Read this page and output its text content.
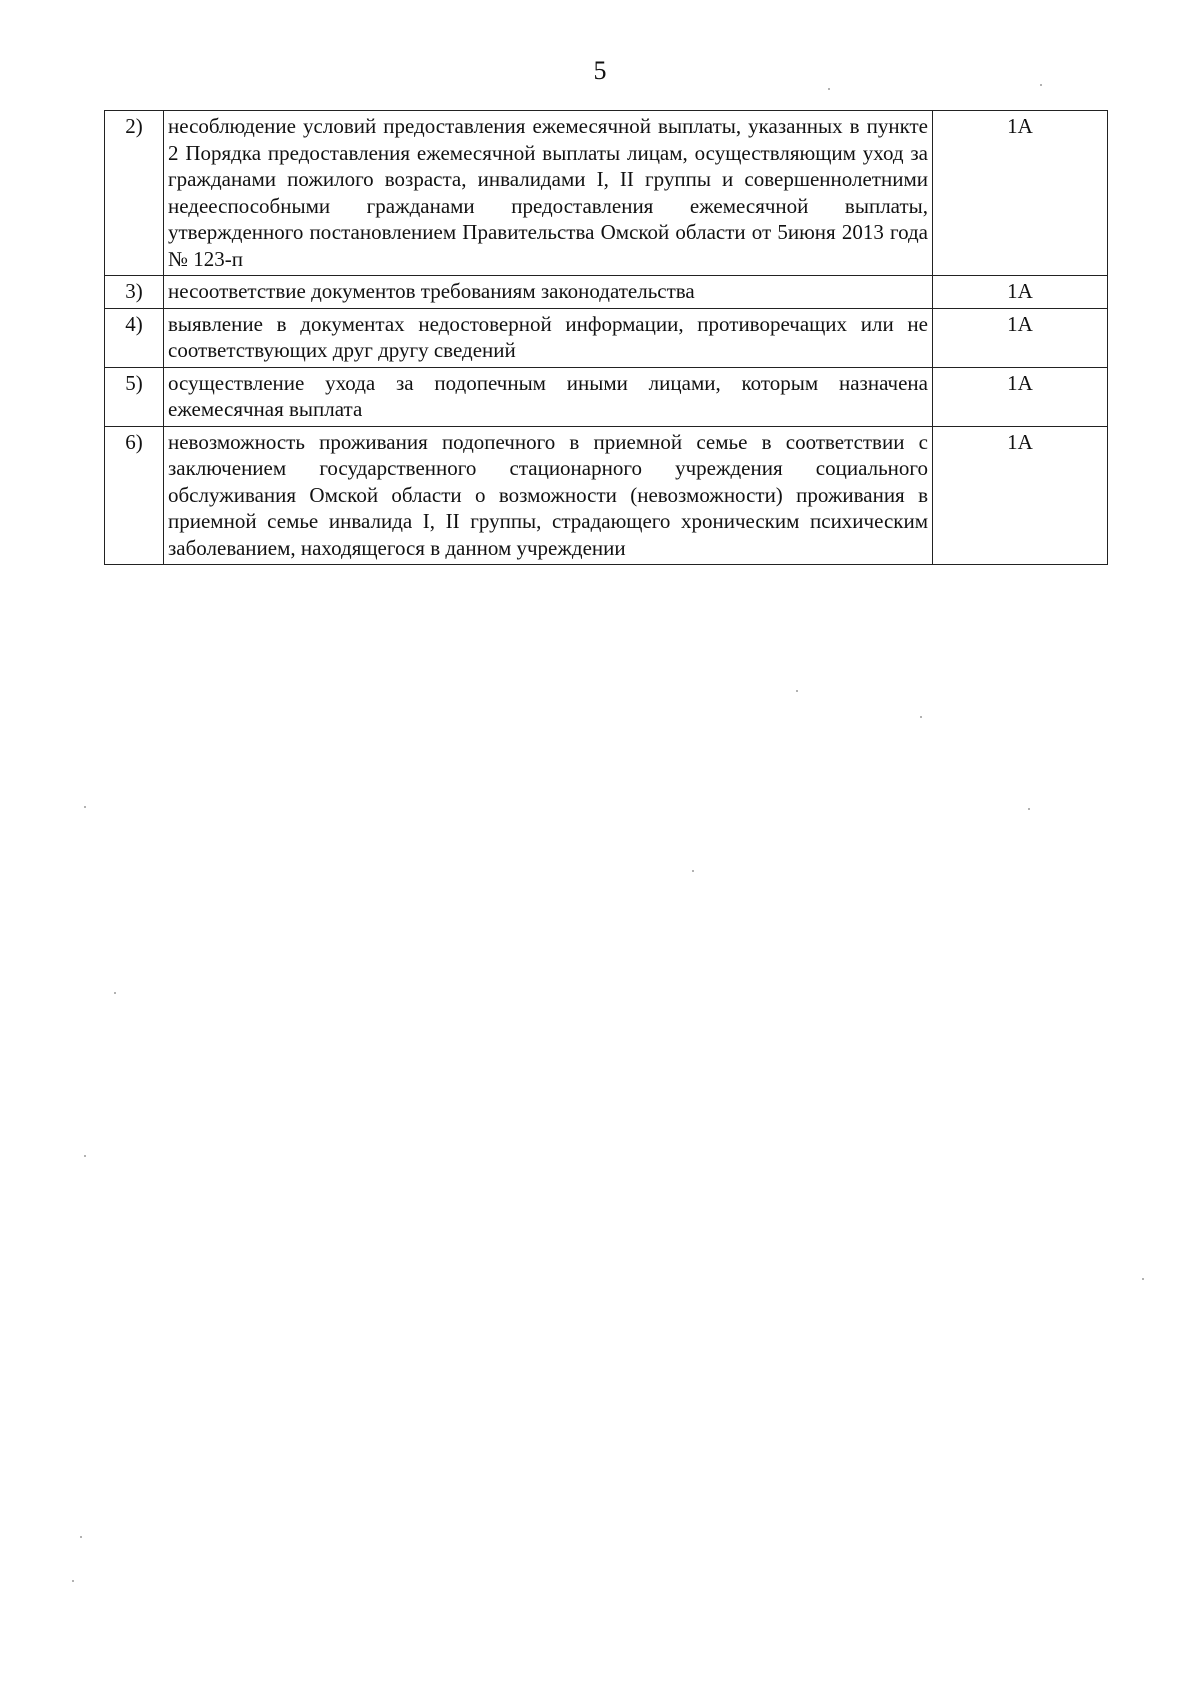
5
2)	несоблюдение условий предоставления ежемесячной выплаты, указанных в пункте 2 Порядка предоставления ежемесячной выплаты лицам, осуществляющим уход за гражданами пожилого возраста, инвалидами I, II группы и совершеннолетними недееспособными гражданами предоставления ежемесячной выплаты, утвержденного постановлением Правительства Омской области от 5июня 2013 года № 123-п	1А
3)	несоответствие документов требованиям законодательства	1А
4)	выявление в документах недостоверной информации, противоречащих или не соответствующих друг другу сведений	1А
5)	осуществление ухода за подопечным иными лицами, которым назначена ежемесячная выплата	1А
6)	невозможность проживания подопечного в приемной семье в соответствии с заключением государственного стационарного учреждения социального обслуживания Омской области о возможности (невозможности) проживания в приемной семье инвалида I, II группы, страдающего хроническим психическим заболеванием, находящегося в данном учреждении	1А
